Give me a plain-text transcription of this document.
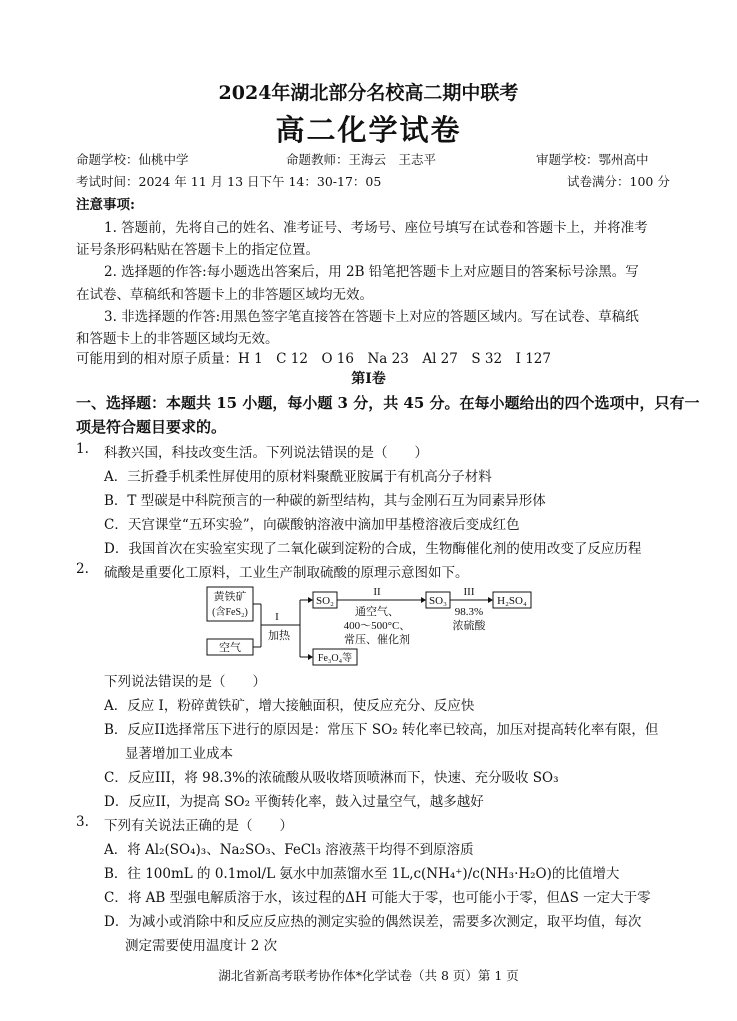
2024年湖北部分名校高二期中联考
高二化学试卷
命题学校：仙桃中学	命题教师：王海云　王志平	审题学校：鄂州高中
考试时间：2024 年 11 月 13 日下午 14：30-17：05	试卷满分：100 分
注意事项:
1. 答题前，先将自己的姓名、准考证号、考场号、座位号填写在试卷和答题卡上，并将准考
证号条形码粘贴在答题卡上的指定位置。
2. 选择题的作答:每小题选出答案后，用 2B 铅笔把答题卡上对应题目的答案标号涂黑。写
在试卷、草稿纸和答题卡上的非答题区域均无效。
3. 非选择题的作答:用黑色签字笔直接答在答题卡上对应的答题区域内。写在试卷、草稿纸
和答题卡上的非答题区域均无效。
可能用到的相对原子质量：H 1　C 12　O 16　Na 23　Al 27　S 32　I 127
第Ⅰ卷
一、选择题：本题共 15 小题，每小题 3 分，共 45 分。在每小题给出的四个选项中，只有一
项是符合题目要求的。
1. 科教兴国，科技改变生活。下列说法错误的是（　　）
A．三折叠手机柔性屏使用的原材料聚酰亚胺属于有机高分子材料
B．T 型碳是中科院预言的一种碳的新型结构，其与金刚石互为同素异形体
C．天宫课堂“五环实验”，向碳酸钠溶液中滴加甲基橙溶液后变成红色
D．我国首次在实验室实现了二氧化碳到淀粉的合成，生物酶催化剂的使用改变了反应历程
2. 硫酸是重要化工原料，工业生产制取硫酸的原理示意图如下。
黄铁矿
(含FeS₂)
空气
I
加热
SO₂
Fe₃O₄等
II
通空气、
400～500°C、
常压、催化剂
SO₃
III
98.3%
浓硫酸
H₂SO₄
下列说法错误的是（　　）
A．反应 I，粉碎黄铁矿，增大接触面积，使反应充分、反应快
B．反应II选择常压下进行的原因是：常压下 SO₂ 转化率已较高，加压对提高转化率有限，但
显著增加工业成本
C．反应III，将 98.3%的浓硫酸从吸收塔顶喷淋而下，快速、充分吸收 SO₃
D．反应II，为提高 SO₂ 平衡转化率，鼓入过量空气，越多越好
3. 下列有关说法正确的是（　　）
A．将 Al₂(SO₄)₃、Na₂SO₃、FeCl₃ 溶液蒸干均得不到原溶质
B．往 100mL 的 0.1mol/L 氨水中加蒸馏水至 1L,c(NH₄⁺)/c(NH₃·H₂O)的比值增大
C．将 AB 型强电解质溶于水，该过程的ΔH 可能大于零，也可能小于零，但ΔS 一定大于零
D．为减小或消除中和反应反应热的测定实验的偶然误差，需要多次测定，取平均值，每次
测定需要使用温度计 2 次
湖北省新高考联考协作体*化学试卷（共 8 页）第 1 页
